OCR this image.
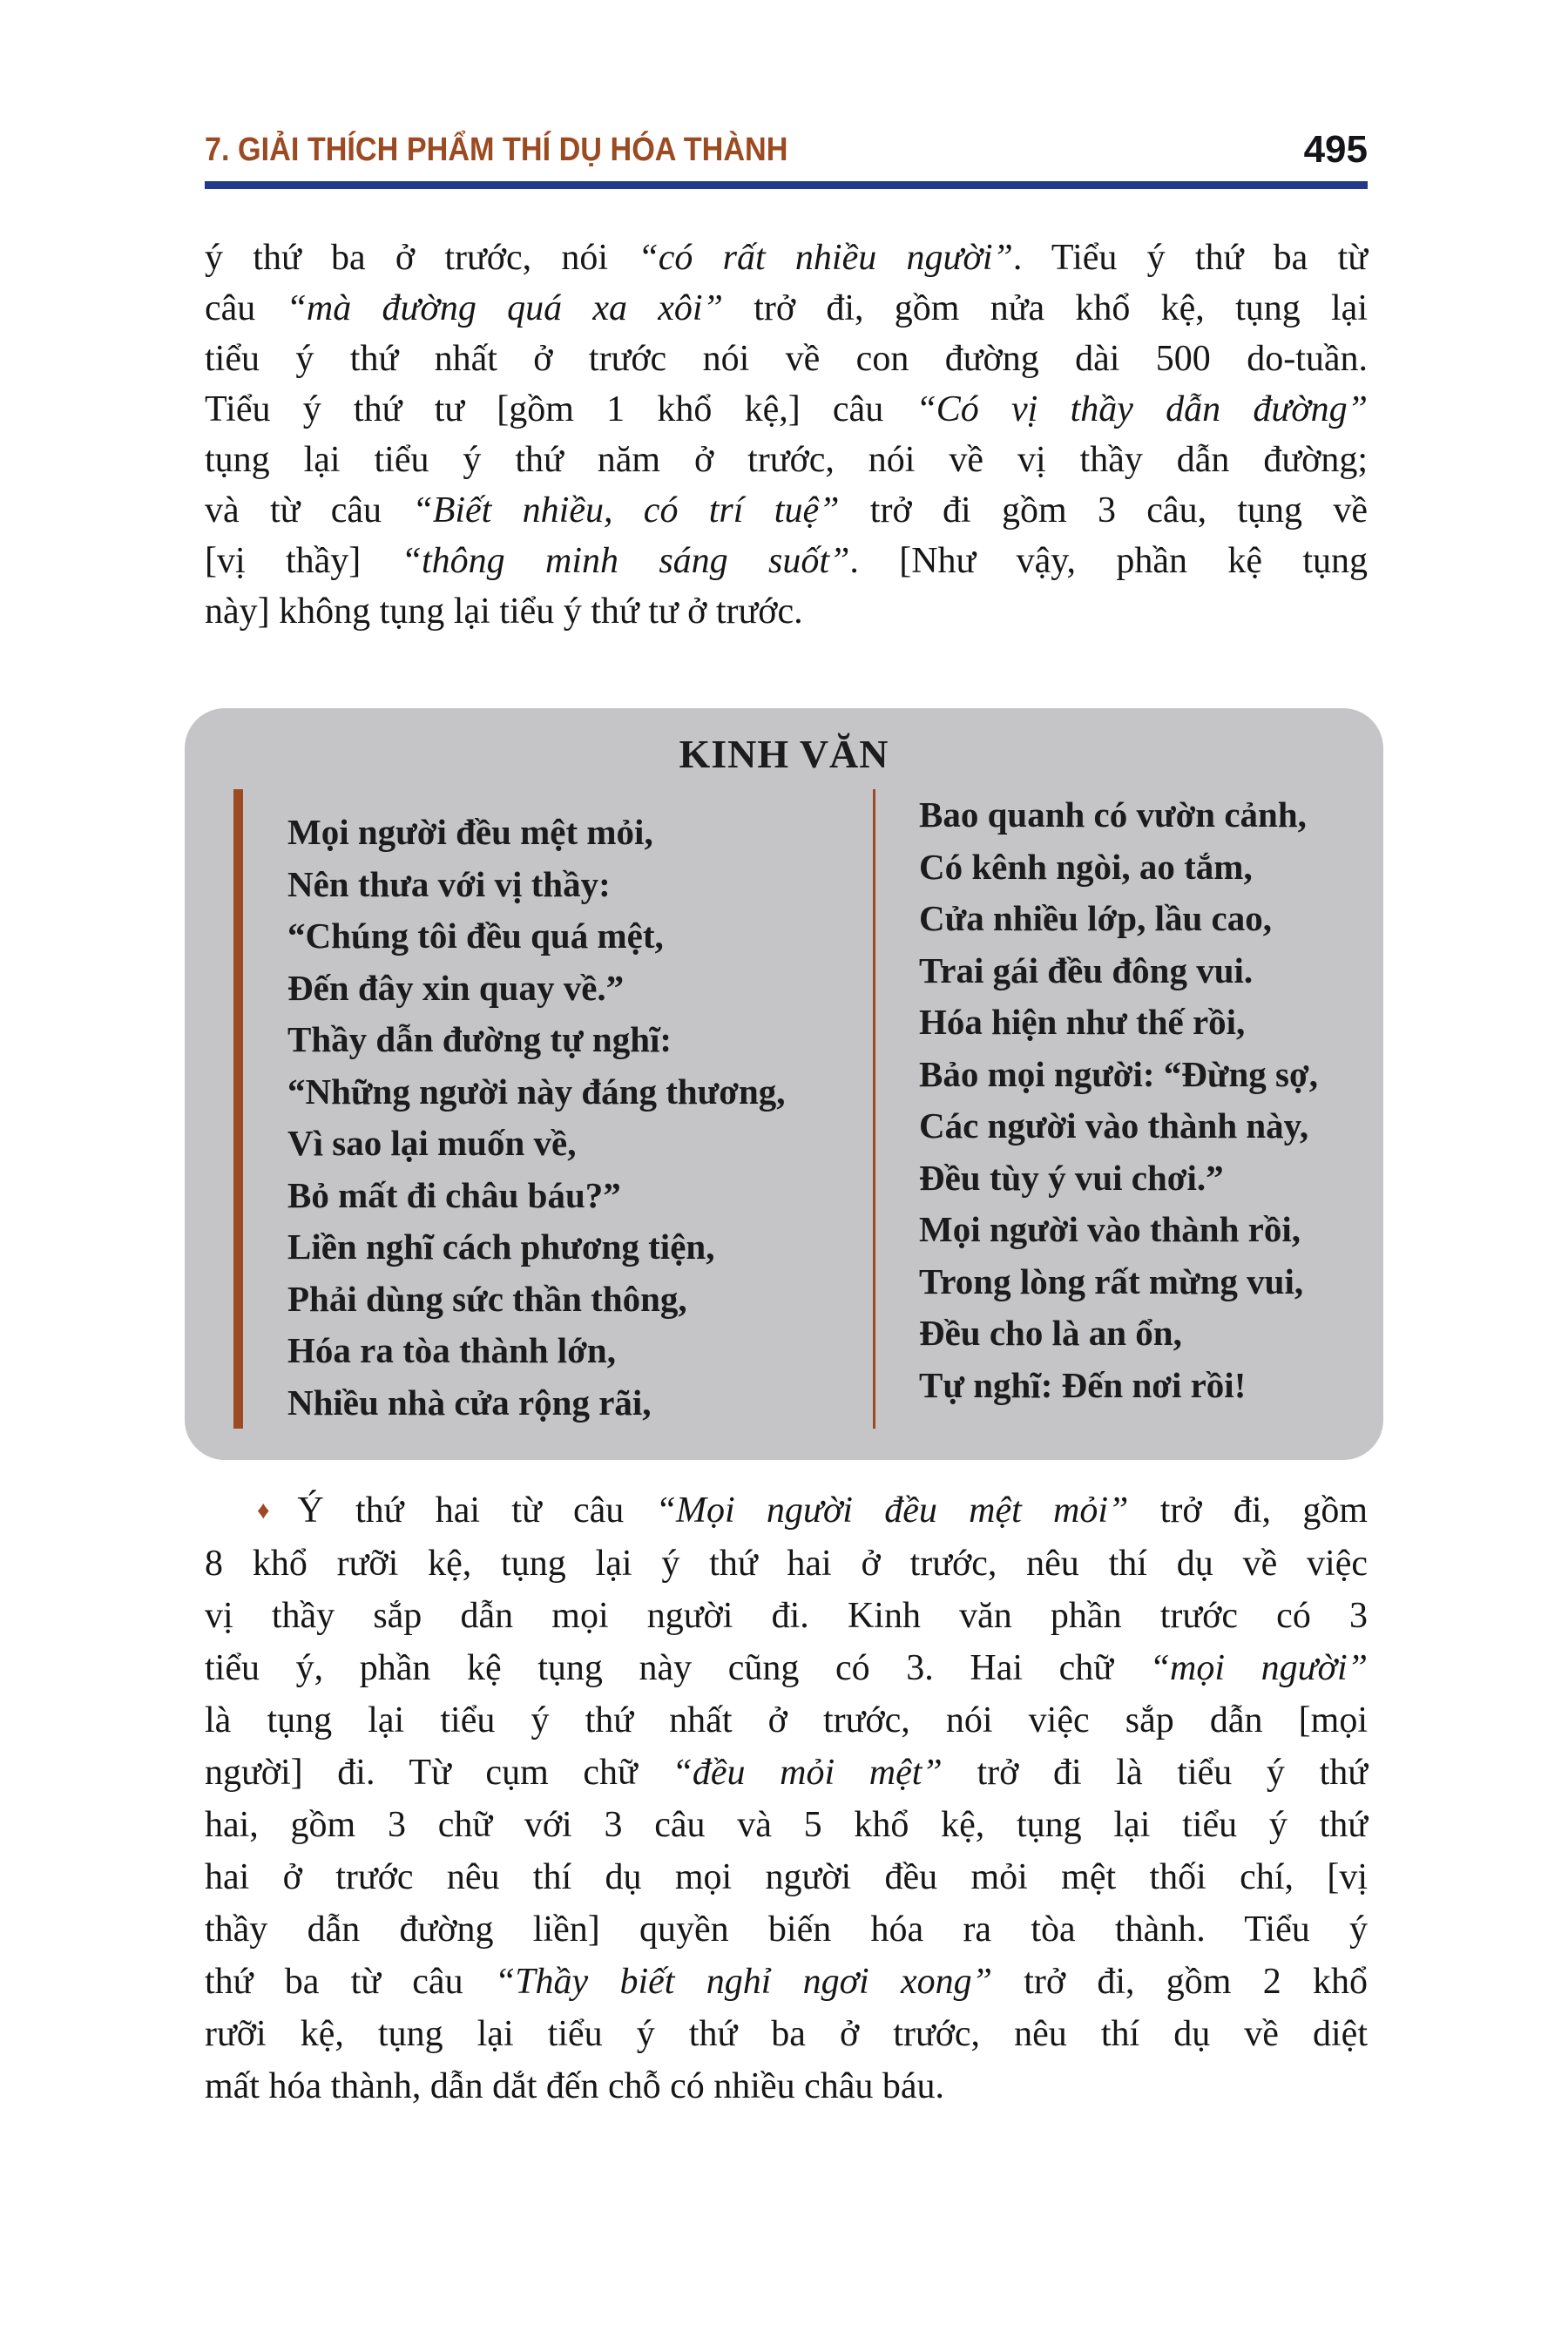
7. GIẢI THÍCH PHẨM THÍ DỤ HÓA THÀNH	495
ý thứ ba ở trước, nói “có rất nhiều người”. Tiểu ý thứ ba từ
câu “mà đường quá xa xôi” trở đi, gồm nửa khổ kệ, tụng lại
tiểu ý thứ nhất ở trước nói về con đường dài 500 do-tuần.
Tiểu ý thứ tư [gồm 1 khổ kệ,] câu “Có vị thầy dẫn đường”
tụng lại tiểu ý thứ năm ở trước, nói về vị thầy dẫn đường;
và từ câu “Biết nhiều, có trí tuệ” trở đi gồm 3 câu, tụng về
[vị thầy] “thông minh sáng suốt”. [Như vậy, phần kệ tụng
này] không tụng lại tiểu ý thứ tư ở trước.
KINH VĂN
Mọi người đều mệt mỏi,
Nên thưa với vị thầy:
“Chúng tôi đều quá mệt,
Đến đây xin quay về.”
Thầy dẫn đường tự nghĩ:
“Những người này đáng thương,
Vì sao lại muốn về,
Bỏ mất đi châu báu?”
Liền nghĩ cách phương tiện,
Phải dùng sức thần thông,
Hóa ra tòa thành lớn,
Nhiều nhà cửa rộng rãi,
Bao quanh có vườn cảnh,
Có kênh ngòi, ao tắm,
Cửa nhiều lớp, lầu cao,
Trai gái đều đông vui.
Hóa hiện như thế rồi,
Bảo mọi người: “Đừng sợ,
Các người vào thành này,
Đều tùy ý vui chơi.”
Mọi người vào thành rồi,
Trong lòng rất mừng vui,
Đều cho là an ổn,
Tự nghĩ: Đến nơi rồi!
♦ Ý thứ hai từ câu “Mọi người đều mệt mỏi” trở đi, gồm
8 khổ rưỡi kệ, tụng lại ý thứ hai ở trước, nêu thí dụ về việc
vị thầy sắp dẫn mọi người đi. Kinh văn phần trước có 3
tiểu ý, phần kệ tụng này cũng có 3. Hai chữ “mọi người”
là tụng lại tiểu ý thứ nhất ở trước, nói việc sắp dẫn [mọi
người] đi. Từ cụm chữ “đều mỏi mệt” trở đi là tiểu ý thứ
hai, gồm 3 chữ với 3 câu và 5 khổ kệ, tụng lại tiểu ý thứ
hai ở trước nêu thí dụ mọi người đều mỏi mệt thối chí, [vị
thầy dẫn đường liền] quyền biến hóa ra tòa thành. Tiểu ý
thứ ba từ câu “Thầy biết nghỉ ngơi xong” trở đi, gồm 2 khổ
rưỡi kệ, tụng lại tiểu ý thứ ba ở trước, nêu thí dụ về diệt
mất hóa thành, dẫn dắt đến chỗ có nhiều châu báu.
